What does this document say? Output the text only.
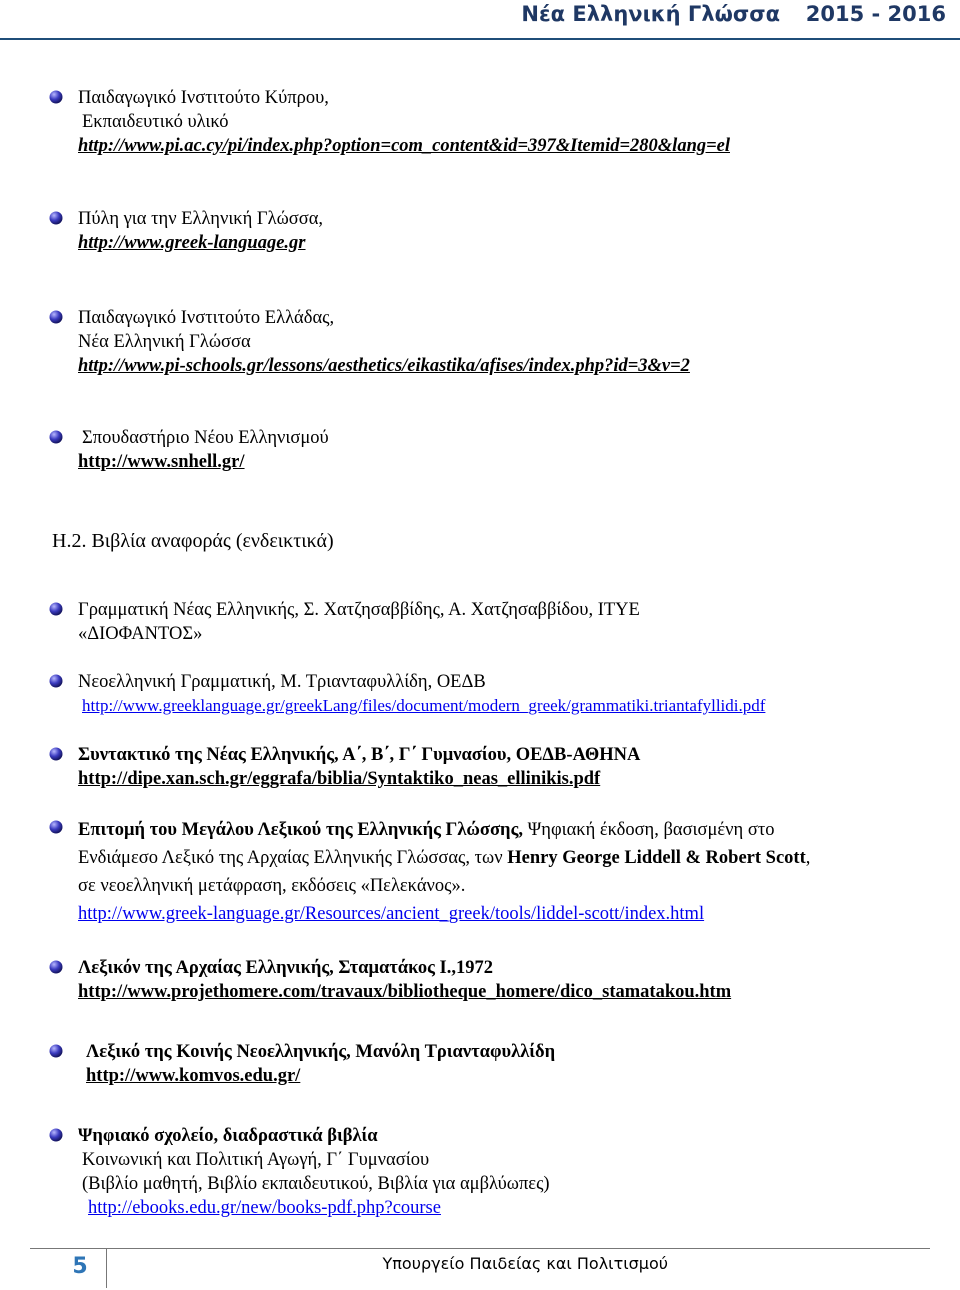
Νέα Ελληνική Γλώσσα 2015 - 2016
Παιδαγωγικό Ινστιτούτο Κύπρου,
Εκπαιδευτικό υλικό
http://www.pi.ac.cy/pi/index.php?option=com_content&id=397&Itemid=280&lang=el
Πύλη για την Ελληνική Γλώσσα,
http://www.greek-language.gr
Παιδαγωγικό Ινστιτούτο Ελλάδας,
Νέα Ελληνική Γλώσσα
http://www.pi-schools.gr/lessons/aesthetics/eikastika/afises/index.php?id=3&v=2
Σπουδαστήριο Νέου Ελληνισμού
http://www.snhell.gr/
Η.2. Βιβλία αναφοράς (ενδεικτικά)
Γραμματική Νέας Ελληνικής, Σ. Χατζησαββίδης, Α. Χατζησαββίδου, ΙΤΥΕ
«ΔΙΟΦΑΝΤΟΣ»
Νεοελληνική Γραμματική, Μ. Τριανταφυλλίδη, ΟΕΔΒ
http://www.greeklanguage.gr/greekLang/files/document/modern_greek/grammatiki.triantafyllidi.pdf
Συντακτικό της Νέας Ελληνικής, Α΄, Β΄, Γ΄ Γυμνασίου, ΟΕΔΒ-ΑΘΗΝΑ
http://dipe.xan.sch.gr/eggrafa/biblia/Syntaktiko_neas_ellinikis.pdf
Επιτομή του Μεγάλου Λεξικού της Ελληνικής Γλώσσης, Ψηφιακή έκδοση, βασισμένη στο
Ενδιάμεσο Λεξικό της Αρχαίας Ελληνικής Γλώσσας, των Henry George Liddell & Robert Scott,
σε νεοελληνική μετάφραση, εκδόσεις «Πελεκάνος».
http://www.greek-language.gr/Resources/ancient_greek/tools/liddel-scott/index.html
Λεξικόν της Αρχαίας Ελληνικής, Σταματάκος Ι.,1972
http://www.projethomere.com/travaux/bibliotheque_homere/dico_stamatakou.htm
Λεξικό της Κοινής Νεοελληνικής, Μανόλη Τριανταφυλλίδη
http://www.komvos.edu.gr/
Ψηφιακό σχολείο, διαδραστικά βιβλία
Κοινωνική και Πολιτική Αγωγή, Γ΄ Γυμνασίου
(Βιβλίο μαθητή, Βιβλίο εκπαιδευτικού, Βιβλία για αμβλύωπες)
http://ebooks.edu.gr/new/books-pdf.php?course
5	Υπουργείο Παιδείας και Πολιτισμού
